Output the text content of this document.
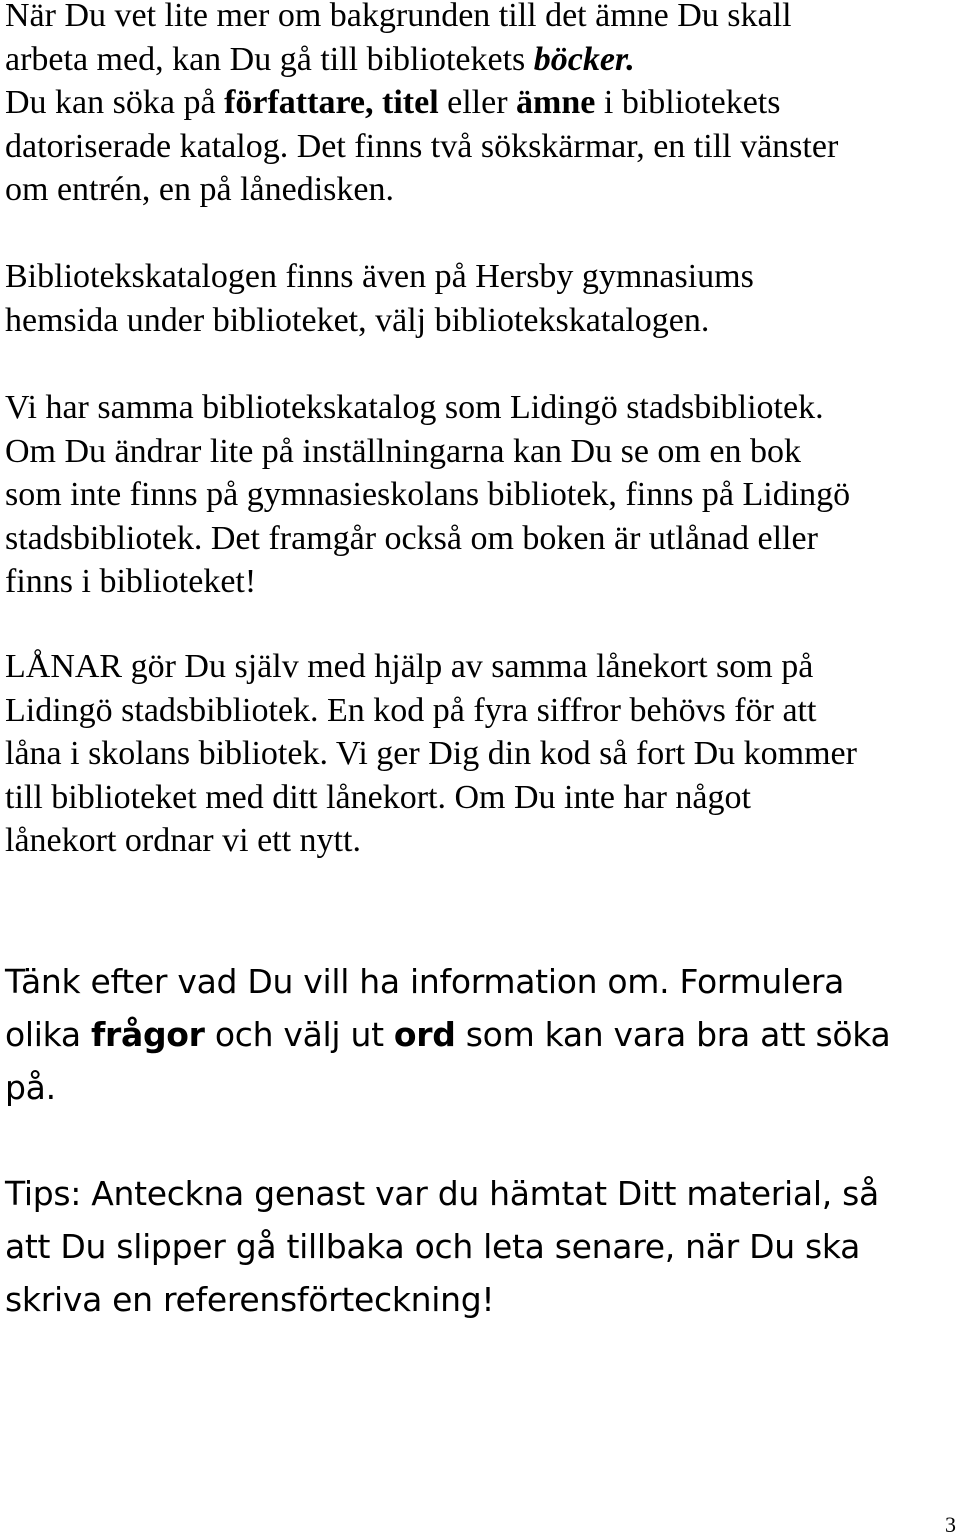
När Du vet lite mer om bakgrunden till det ämne Du skall
arbeta med, kan Du gå till bibliotekets böcker.
Du kan söka på författare, titel eller ämne i bibliotekets
datoriserade katalog. Det finns två sökskärmar, en till vänster
om entrén, en på lånedisken.
Bibliotekskatalogen finns även på Hersby gymnasiums
hemsida under biblioteket, välj bibliotekskatalogen.
Vi har samma bibliotekskatalog som Lidingö stadsbibliotek.
Om Du ändrar lite på inställningarna kan Du se om en bok
som inte finns på gymnasieskolans bibliotek, finns på Lidingö
stadsbibliotek. Det framgår också om boken är utlånad eller
finns i biblioteket!
LÅNAR gör Du själv med hjälp av samma lånekort som på
Lidingö stadsbibliotek. En kod på fyra siffror behövs för att
låna i skolans bibliotek. Vi ger Dig din kod så fort Du kommer
till biblioteket med ditt lånekort. Om Du inte har något
lånekort ordnar vi ett nytt.
Tänk efter vad Du vill ha information om. Formulera
olika frågor och välj ut ord som kan vara bra att söka
på.
Tips: Anteckna genast var du hämtat Ditt material, så
att Du slipper gå tillbaka och leta senare, när Du ska
skriva en referensförteckning!
3
